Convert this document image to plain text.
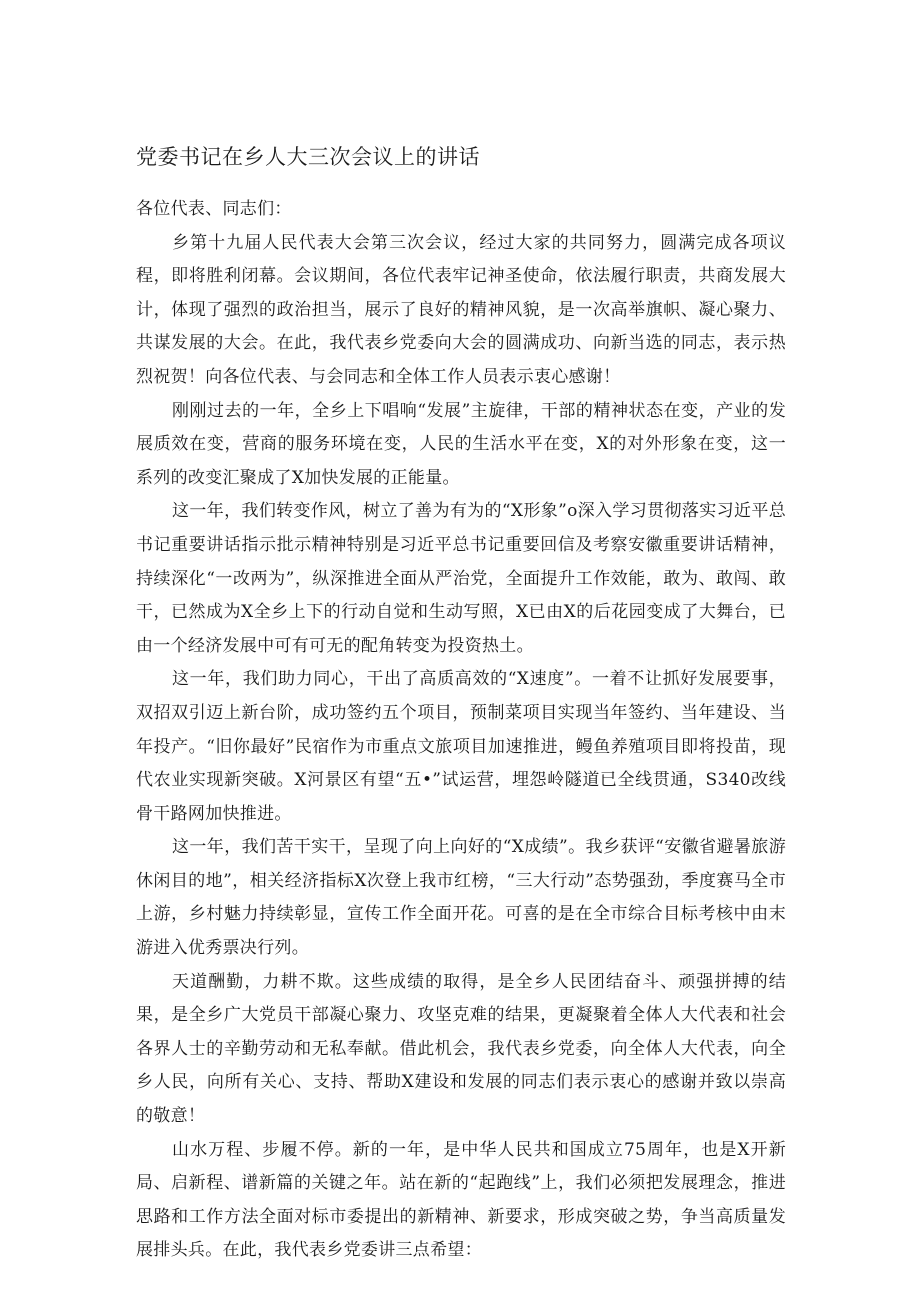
党委书记在乡人大三次会议上的讲话

各位代表、同志们：

乡第十九届人民代表大会第三次会议，经过大家的共同努力，圆满完成各项议程，即将胜利闭幕。会议期间，各位代表牢记神圣使命，依法履行职责，共商发展大计，体现了强烈的政治担当，展示了良好的精神风貌，是一次高举旗帜、凝心聚力、共谋发展的大会。在此，我代表乡党委向大会的圆满成功、向新当选的同志，表示热烈祝贺！向各位代表、与会同志和全体工作人员表示衷心感谢！

刚刚过去的一年，全乡上下唱响“发展”主旋律，干部的精神状态在变，产业的发展质效在变，营商的服务环境在变，人民的生活水平在变，X的对外形象在变，这一系列的改变汇聚成了X加快发展的正能量。

这一年，我们转变作风，树立了善为有为的“X形象”o深入学习贯彻落实习近平总书记重要讲话指示批示精神特别是习近平总书记重要回信及考察安徽重要讲话精神，持续深化“一改两为”，纵深推进全面从严治党，全面提升工作效能，敢为、敢闯、敢干，已然成为X全乡上下的行动自觉和生动写照，X已由X的后花园变成了大舞台，已由一个经济发展中可有可无的配角转变为投资热土。

这一年，我们助力同心，干出了高质高效的“X速度”。一着不让抓好发展要事，双招双引迈上新台阶，成功签约五个项目，预制菜项目实现当年签约、当年建设、当年投产。“旧你最好”民宿作为市重点文旅项目加速推进，鳗鱼养殖项目即将投苗，现代农业实现新突破。X河景区有望“五•”试运营，埋怨岭隧道已全线贯通，S340改线骨干路网加快推进。

这一年，我们苦干实干，呈现了向上向好的“X成绩”。我乡获评“安徽省避暑旅游休闲目的地”，相关经济指标X次登上我市红榜，“三大行动”态势强劲，季度赛马全市上游，乡村魅力持续彰显，宣传工作全面开花。可喜的是在全市综合目标考核中由末游进入优秀票决行列。

天道酬勤，力耕不欺。这些成绩的取得，是全乡人民团结奋斗、顽强拼搏的结果，是全乡广大党员干部凝心聚力、攻坚克难的结果，更凝聚着全体人大代表和社会各界人士的辛勤劳动和无私奉献。借此机会，我代表乡党委，向全体人大代表，向全乡人民，向所有关心、支持、帮助X建设和发展的同志们表示衷心的感谢并致以崇高的敬意！

山水万程、步履不停。新的一年，是中华人民共和国成立75周年，也是X开新局、启新程、谱新篇的关键之年。站在新的“起跑线”上，我们必须把发展理念，推进思路和工作方法全面对标市委提出的新精神、新要求，形成突破之势，争当高质量发展排头兵。在此，我代表乡党委讲三点希望：
